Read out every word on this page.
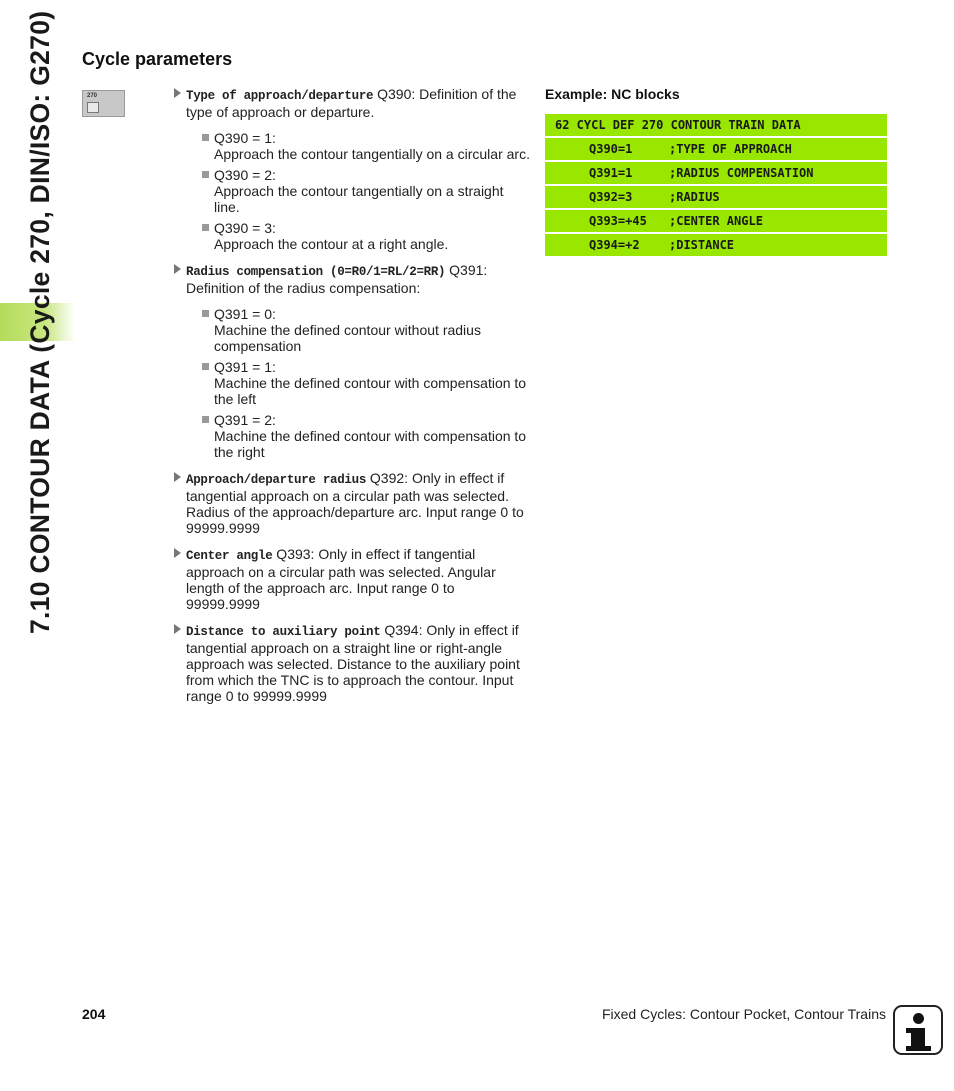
7.10 CONTOUR DATA (Cycle 270, DIN/ISO: G270) Cycle parameters
270	Type of approach/departure Q390: Definition of the type of approach or departure.
Q390 = 1:
Approach the contour tangentially on a circular arc.
Q390 = 2:
Approach the contour tangentially on a straight line.
Q390 = 3:
Approach the contour at a right angle.
Radius compensation (0=R0/1=RL/2=RR) Q391: Definition of the radius compensation:
Q391 = 0:
Machine the defined contour without radius compensation
Q391 = 1:
Machine the defined contour with compensation to the left
Q391 = 2:
Machine the defined contour with compensation to the right
Approach/departure radius Q392: Only in effect if tangential approach on a circular path was selected. Radius of the approach/departure arc. Input range 0 to 99999.9999
Center angle Q393: Only in effect if tangential approach on a circular path was selected. Angular length of the approach arc. Input range 0 to 99999.9999
Distance to auxiliary point Q394: Only in effect if tangential approach on a straight line or right-angle approach was selected. Distance to the auxiliary point from which the TNC is to approach the contour. Input range 0 to 99999.9999
Example: NC blocks
62 CYCL DEF 270 CONTOUR TRAIN DATA
Q390=1	;TYPE OF APPROACH
Q391=1	;RADIUS COMPENSATION
Q392=3	;RADIUS
Q393=+45 ;CENTER ANGLE
Q394=+2 ;DISTANCE
204	Fixed Cycles: Contour Pocket, Contour Trains
